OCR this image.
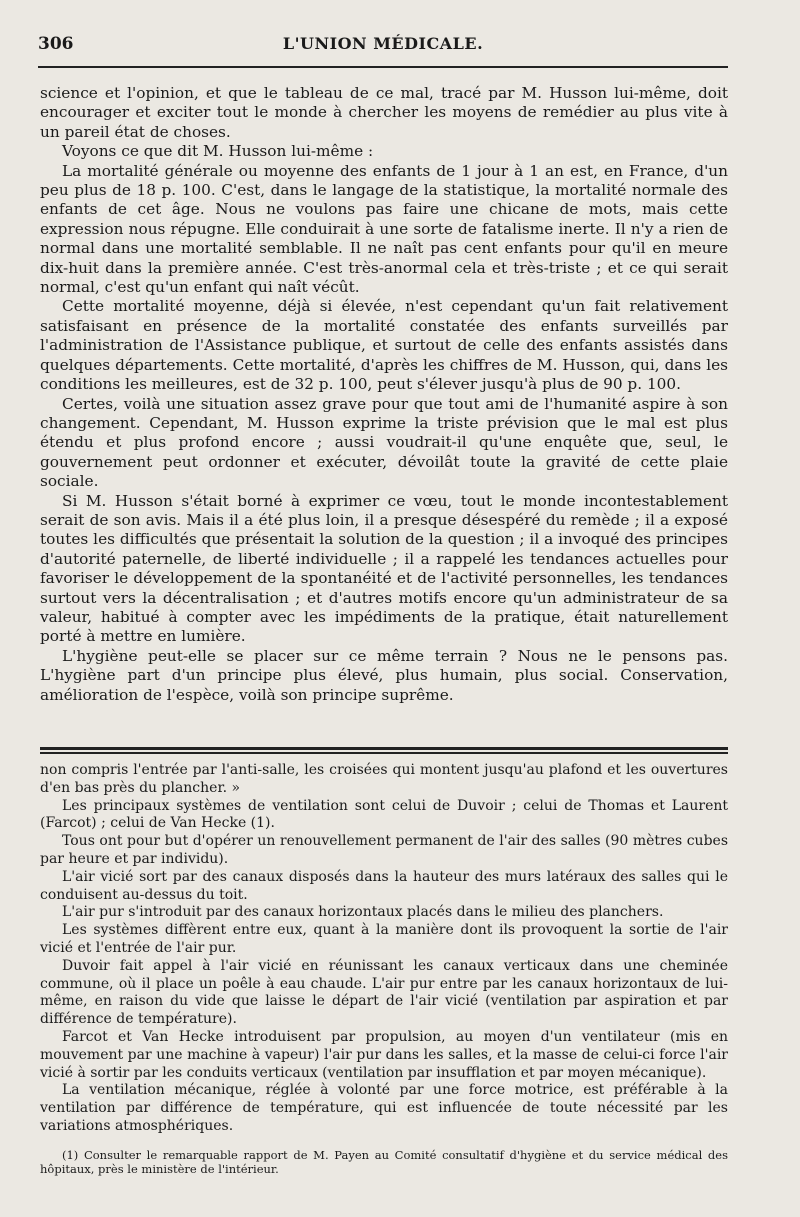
306	L'UNION MÉDICALE.

science et l'opinion, et que le tableau de ce mal, tracé par M. Husson lui-même, doit encourager et exciter tout le monde à chercher les moyens de remédier au plus vite à un pareil état de choses.

Voyons ce que dit M. Husson lui-même :

La mortalité générale ou moyenne des enfants de 1 jour à 1 an est, en France, d'un peu plus de 18 p. 100. C'est, dans le langage de la statistique, la mortalité normale des enfants de cet âge. Nous ne voulons pas faire une chicane de mots, mais cette expression nous répugne. Elle conduirait à une sorte de fatalisme inerte. Il n'y a rien de normal dans une mortalité semblable. Il ne naît pas cent enfants pour qu'il en meure dix-huit dans la première année. C'est très-anormal cela et très-triste ; et ce qui serait normal, c'est qu'un enfant qui naît vécût.

Cette mortalité moyenne, déjà si élevée, n'est cependant qu'un fait relativement satisfaisant en présence de la mortalité constatée des enfants surveillés par l'administration de l'Assistance publique, et surtout de celle des enfants assistés dans quelques départements. Cette mortalité, d'après les chiffres de M. Husson, qui, dans les conditions les meilleures, est de 32 p. 100, peut s'élever jusqu'à plus de 90 p. 100.

Certes, voilà une situation assez grave pour que tout ami de l'humanité aspire à son changement. Cependant, M. Husson exprime la triste prévision que le mal est plus étendu et plus profond encore ; aussi voudrait-il qu'une enquête que, seul, le gouvernement peut ordonner et exécuter, dévoilât toute la gravité de cette plaie sociale.

Si M. Husson s'était borné à exprimer ce vœu, tout le monde incontestablement serait de son avis. Mais il a été plus loin, il a presque désespéré du remède ; il a exposé toutes les difficultés que présentait la solution de la question ; il a invoqué des principes d'autorité paternelle, de liberté individuelle ; il a rappelé les tendances actuelles pour favoriser le développement de la spontanéité et de l'activité personnelles, les tendances surtout vers la décentralisation ; et d'autres motifs encore qu'un administrateur de sa valeur, habitué à compter avec les impédiments de la pratique, était naturellement porté à mettre en lumière.

L'hygiène peut-elle se placer sur ce même terrain ? Nous ne le pensons pas. L'hygiène part d'un principe plus élevé, plus humain, plus social. Conservation, amélioration de l'espèce, voilà son principe suprême.

non compris l'entrée par l'anti-salle, les croisées qui montent jusqu'au plafond et les ouvertures d'en bas près du plancher. »

Les principaux systèmes de ventilation sont celui de Duvoir ; celui de Thomas et Laurent (Farcot) ; celui de Van Hecke (1).

Tous ont pour but d'opérer un renouvellement permanent de l'air des salles (90 mètres cubes par heure et par individu).

L'air vicié sort par des canaux disposés dans la hauteur des murs latéraux des salles qui le conduisent au-dessus du toit.

L'air pur s'introduit par des canaux horizontaux placés dans le milieu des planchers.

Les systèmes diffèrent entre eux, quant à la manière dont ils provoquent la sortie de l'air vicié et l'entrée de l'air pur.

Duvoir fait appel à l'air vicié en réunissant les canaux verticaux dans une cheminée commune, où il place un poêle à eau chaude. L'air pur entre par les canaux horizontaux de lui-même, en raison du vide que laisse le départ de l'air vicié (ventilation par aspiration et par différence de température).

Farcot et Van Hecke introduisent par propulsion, au moyen d'un ventilateur (mis en mouvement par une machine à vapeur) l'air pur dans les salles, et la masse de celui-ci force l'air vicié à sortir par les conduits verticaux (ventilation par insufflation et par moyen mécanique).

La ventilation mécanique, réglée à volonté par une force motrice, est préférable à la ventilation par différence de température, qui est influencée de toute nécessité par les variations atmosphériques.

(1) Consulter le remarquable rapport de M. Payen au Comité consultatif d'hygiène et du service médical des hôpitaux, près le ministère de l'intérieur.
